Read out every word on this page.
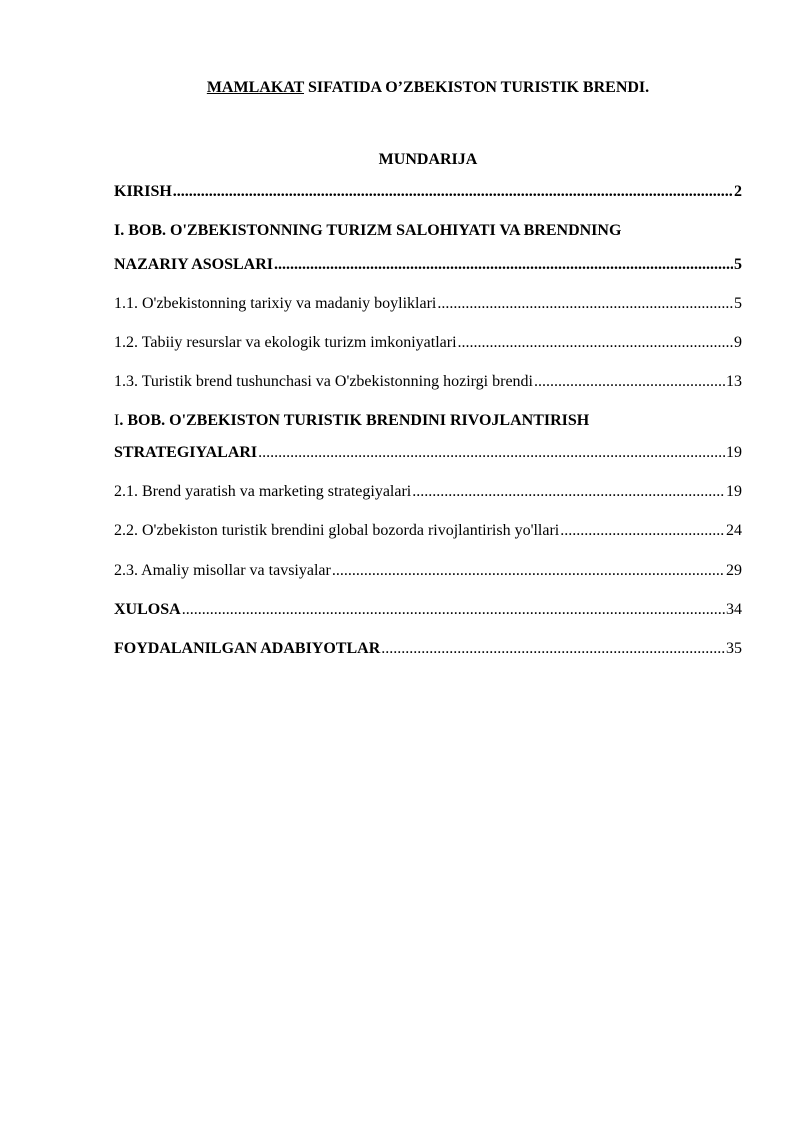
MAMLAKAT SIFATIDA O’ZBEKISTON TURISTIK BRENDI.
MUNDARIJA
KIRISH .....	2
I. BOB. O'ZBEKISTONNING TURIZM SALOHIYATI VA BRENDNING
NAZARIY ASOSLARI .....	5
1.1. O'zbekistonning tarixiy va madaniy boyliklari .....	5
1.2. Tabiiy resurslar va ekologik turizm imkoniyatlari .....	9
1.3. Turistik brend tushunchasi va O'zbekistonning hozirgi brendi .....	13
I. BOB. O'ZBEKISTON TURISTIK BRENDINI RIVOJLANTIRISH
STRATEGIYALARI .....	19
2.1. Brend yaratish va marketing strategiyalari .....	19
2.2. O'zbekiston turistik brendini global bozorda rivojlantirish yo'llari .....	24
2.3. Amaliy misollar va tavsiyalar .....	29
XULOSA .....	34
FOYDALANILGAN ADABIYOTLAR .....	35
